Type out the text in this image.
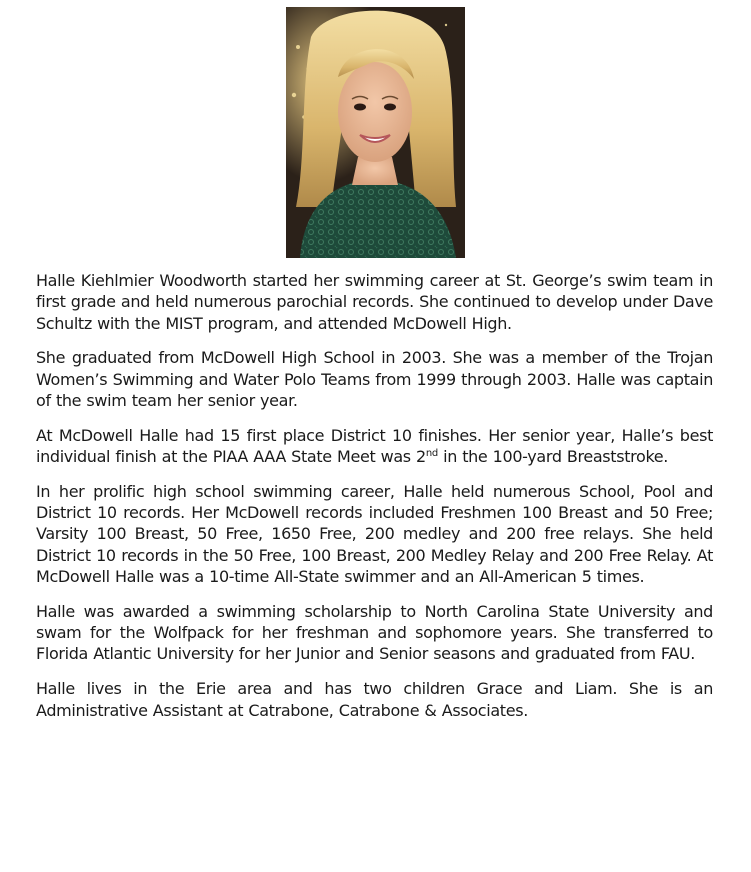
Halle Kiehlmier Woodworth started her swimming career at St. George’s swim team in first grade and held numerous parochial records. She continued to develop under Dave Schultz with the MIST program, and attended McDowell High.

She graduated from McDowell High School in 2003. She was a member of the Trojan Women’s Swimming and Water Polo Teams from 1999 through 2003. Halle was captain of the swim team her senior year.

At McDowell Halle had 15 first place District 10 finishes. Her senior year, Halle’s best individual finish at the PIAA AAA State Meet was 2nd in the 100-yard Breaststroke.

In her prolific high school swimming career, Halle held numerous School, Pool and District 10 records. Her McDowell records included Freshmen 100 Breast and 50 Free; Varsity 100 Breast, 50 Free, 1650 Free, 200 medley and 200 free relays. She held District 10 records in the 50 Free, 100 Breast, 200 Medley Relay and 200 Free Relay. At McDowell Halle was a 10-time All-State swimmer and an All-American 5 times.

Halle was awarded a swimming scholarship to North Carolina State University and swam for the Wolfpack for her freshman and sophomore years. She transferred to Florida Atlantic University for her Junior and Senior seasons and graduated from FAU.

Halle lives in the Erie area and has two children Grace and Liam. She is an Administrative Assistant at Catrabone, Catrabone & Associates.
